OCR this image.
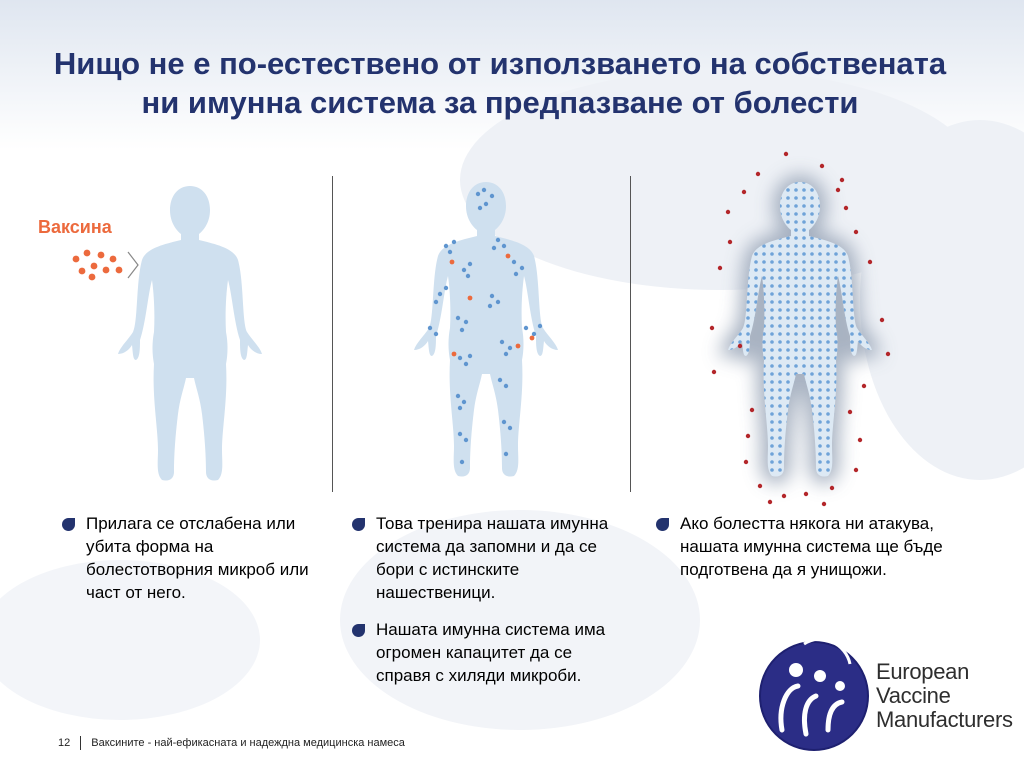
Нищо не е по-естествено от използването на собствената ни имунна система за предпазване от болести
Ваксина
Прилага се отслабена или убита форма на болестотворния микроб или част от него.
Това тренира нашата имунна система да запомни и да се бори с истинските нашественици.
Нашата имунна система има огромен капацитет да се справя с хиляди микроби.
Ако болестта някога ни атакува, нашата имунна система ще бъде подготвена да я унищожи.
European
Vaccine
Manufacturers
12 Ваксините - най-ефикасната и надеждна медицинска намеса
